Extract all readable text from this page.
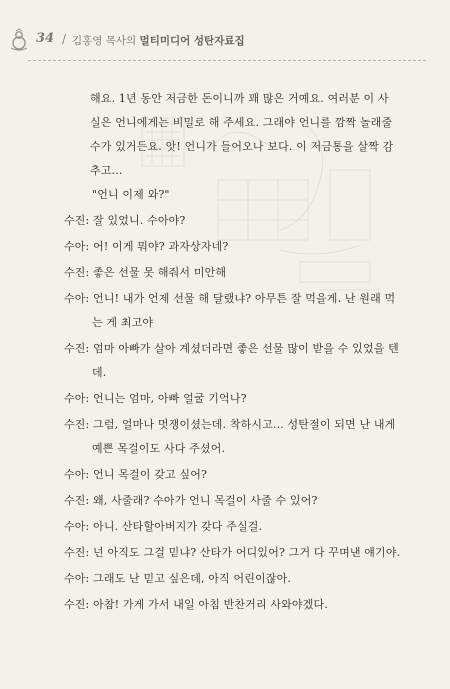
34 / 김홍영 목사의 멀티미디어 성탄자료집
해요. 1년 동안 저금한 돈이니까 꽤 많은 거예요. 여러분 이 사
실은 언니에게는 비밀로 해 주세요. 그래야 언니를 깜짝 놀래줄
수가 있거든요. 앗! 언니가 들어오나 보다. 이 저금통을 살짝 감
추고...
"언니 이제 와?"
수진: 잘 있었니. 수아야?
수아: 어! 이게 뭐야? 과자상자네?
수진: 좋은 선물 못 해줘서 미안해
수아: 언니! 내가 언제 선물 해 달랬냐? 아무튼 잘 먹을게. 난 원래 먹
는 게 최고야
수진: 엄마 아빠가 살아 계셨더라면 좋은 선물 많이 받을 수 있었을 텐
데.
수아: 언니는 엄마, 아빠 얼굴 기억나?
수진: 그럼, 얼마나 멋쟁이셨는데. 착하시고... 성탄절이 되면 난 내게
예쁜 목걸이도 사다 주셨어.
수아: 언니 목걸이 갖고 싶어?
수진: 왜, 사줄래? 수아가 언니 목걸이 사줄 수 있어?
수아: 아니. 산타할아버지가 갖다 주실걸.
수진: 넌 아직도 그걸 믿냐? 산타가 어디있어? 그거 다 꾸며낸 얘기야.
수아: 그래도 난 믿고 싶은데, 아직 어린이잖아.
수진: 아참! 가게 가서 내일 아침 반찬거리 사와야겠다.
